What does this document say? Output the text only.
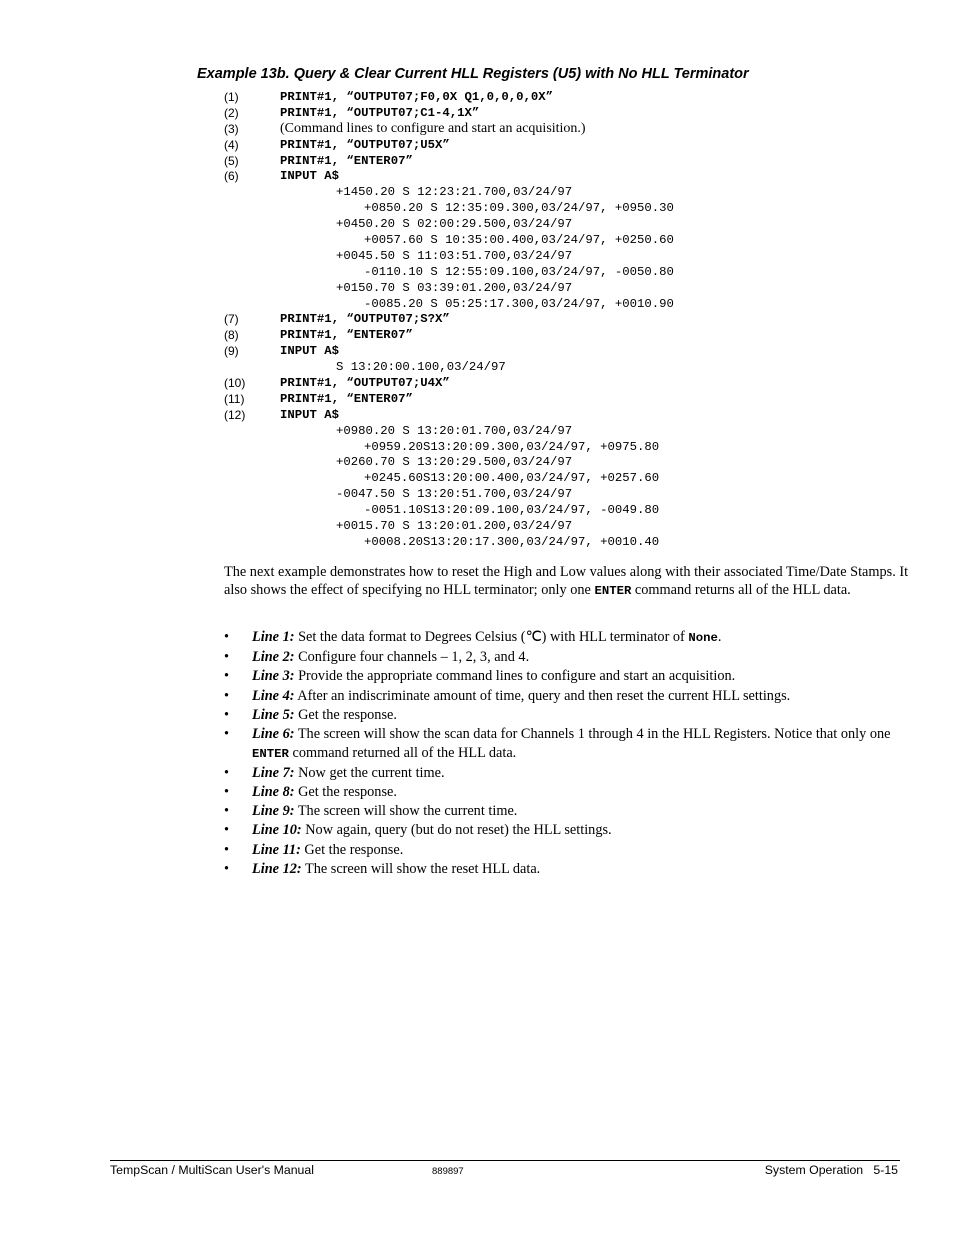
Example 13b. Query & Clear Current HLL Registers (U5) with No HLL Terminator
(1)	PRINT#1, “OUTPUT07;F0,0X Q1,0,0,0,0X”
(2)	PRINT#1, “OUTPUT07;C1-4,1X”
(3)	(Command lines to configure and start an acquisition.)
(4)	PRINT#1, “OUTPUT07;U5X”
(5)	PRINT#1, “ENTER07”
(6)	INPUT A$
+1450.20 S 12:23:21.700,03/24/97
+0850.20 S 12:35:09.300,03/24/97, +0950.30
+0450.20 S 02:00:29.500,03/24/97
+0057.60 S 10:35:00.400,03/24/97, +0250.60
+0045.50 S 11:03:51.700,03/24/97
-0110.10 S 12:55:09.100,03/24/97, -0050.80
+0150.70 S 03:39:01.200,03/24/97
-0085.20 S 05:25:17.300,03/24/97, +0010.90
(7)	PRINT#1, “OUTPUT07;S?X”
(8)	PRINT#1, “ENTER07”
(9)	INPUT A$
S 13:20:00.100,03/24/97
(10)	PRINT#1, “OUTPUT07;U4X”
(11)	PRINT#1, “ENTER07”
(12)	INPUT A$
+0980.20 S 13:20:01.700,03/24/97
+0959.20S13:20:09.300,03/24/97, +0975.80
+0260.70 S 13:20:29.500,03/24/97
+0245.60S13:20:00.400,03/24/97, +0257.60
-0047.50 S 13:20:51.700,03/24/97
-0051.10S13:20:09.100,03/24/97, -0049.80
+0015.70 S 13:20:01.200,03/24/97
+0008.20S13:20:17.300,03/24/97, +0010.40
The next example demonstrates how to reset the High and Low values along with their associated Time/Date Stamps. It also shows the effect of specifying no HLL terminator; only one ENTER command returns all of the HLL data.
• Line 1: Set the data format to Degrees Celsius (℃) with HLL terminator of None.
• Line 2: Configure four channels – 1, 2, 3, and 4.
• Line 3: Provide the appropriate command lines to configure and start an acquisition.
• Line 4: After an indiscriminate amount of time, query and then reset the current HLL settings.
• Line 5: Get the response.
• Line 6: The screen will show the scan data for Channels 1 through 4 in the HLL Registers. Notice that only one ENTER command returned all of the HLL data.
• Line 7: Now get the current time.
• Line 8: Get the response.
• Line 9: The screen will show the current time.
• Line 10: Now again, query (but do not reset) the HLL settings.
• Line 11: Get the response.
• Line 12: The screen will show the reset HLL data.
TempScan / MultiScan User's Manual	889897	System Operation   5-15
